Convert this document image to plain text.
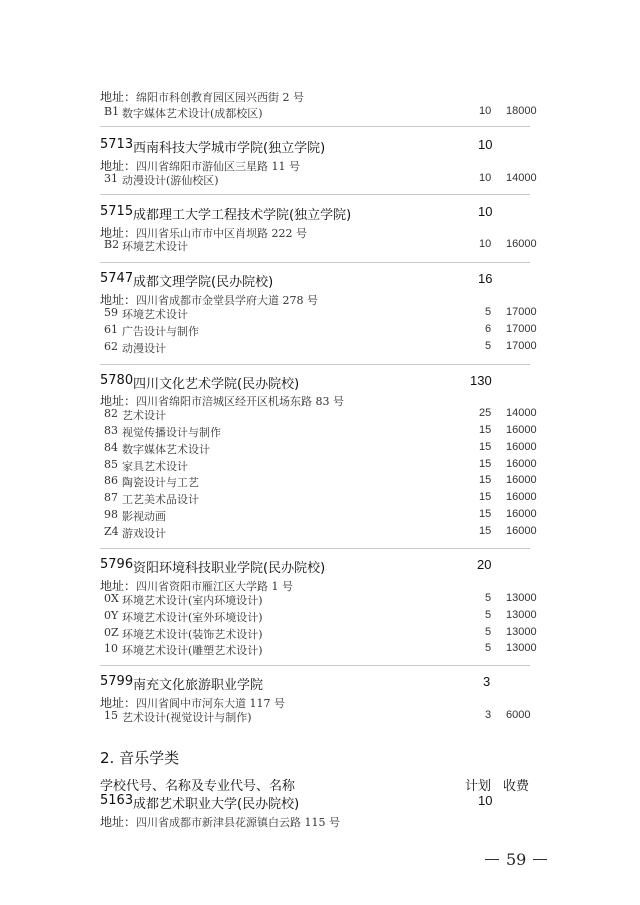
地址：绵阳市科创教育园区园兴西街 2 号
B1 数字媒体艺术设计(成都校区)	10 18000
5713 西南科技大学城市学院(独立学院)	10
地址：四川省绵阳市游仙区三星路 11 号
31 动漫设计(游仙校区)	10 14000
5715 成都理工大学工程技术学院(独立学院)	10
地址：四川省乐山市市中区肖坝路 222 号
B2 环境艺术设计	10 16000
5747 成都文理学院(民办院校)	16
地址：四川省成都市金堂县学府大道 278 号
59 环境艺术设计	5 17000
61 广告设计与制作	6 17000
62 动漫设计	5 17000
5780 四川文化艺术学院(民办院校)	130
地址：四川省绵阳市涪城区经开区机场东路 83 号
82 艺术设计	25 14000
83 视觉传播设计与制作	15 16000
84 数字媒体艺术设计	15 16000
85 家具艺术设计	15 16000
86 陶瓷设计与工艺	15 16000
87 工艺美术品设计	15 16000
98 影视动画	15 16000
Z4 游戏设计	15 16000
5796 资阳环境科技职业学院(民办院校)	20
地址：四川省资阳市雁江区大学路 1 号
0X 环境艺术设计(室内环境设计)	5 13000
0Y 环境艺术设计(室外环境设计)	5 13000
0Z 环境艺术设计(装饰艺术设计)	5 13000
10 环境艺术设计(雕塑艺术设计)	5 13000
5799 南充文化旅游职业学院	3
地址：四川省阆中市河东大道 117 号
15 艺术设计(视觉设计与制作)	3 6000
2. 音乐学类
学校代号、名称及专业代号、名称	计划 收费
5163 成都艺术职业大学(民办院校)	10
地址：四川省成都市新津县花源镇白云路 115 号
59
